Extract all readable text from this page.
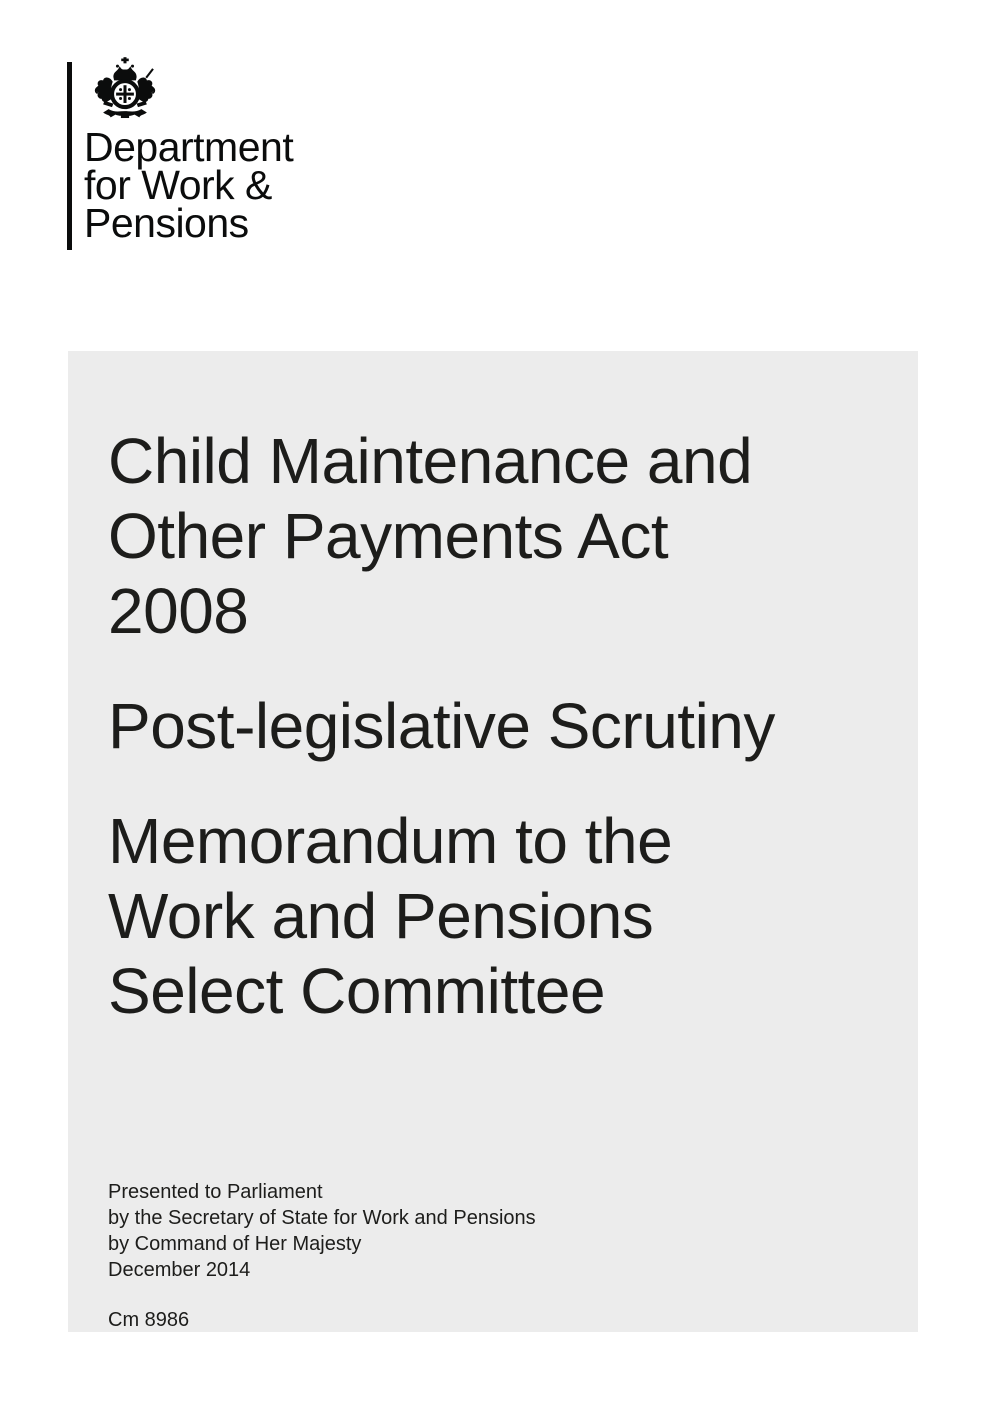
Department
for Work &
Pensions
Child Maintenance and
Other Payments Act
2008
Post-legislative Scrutiny
Memorandum to the
Work and Pensions
Select Committee
Presented to Parliament
by the Secretary of State for Work and Pensions
by Command of Her Majesty
December 2014
Cm 8986
